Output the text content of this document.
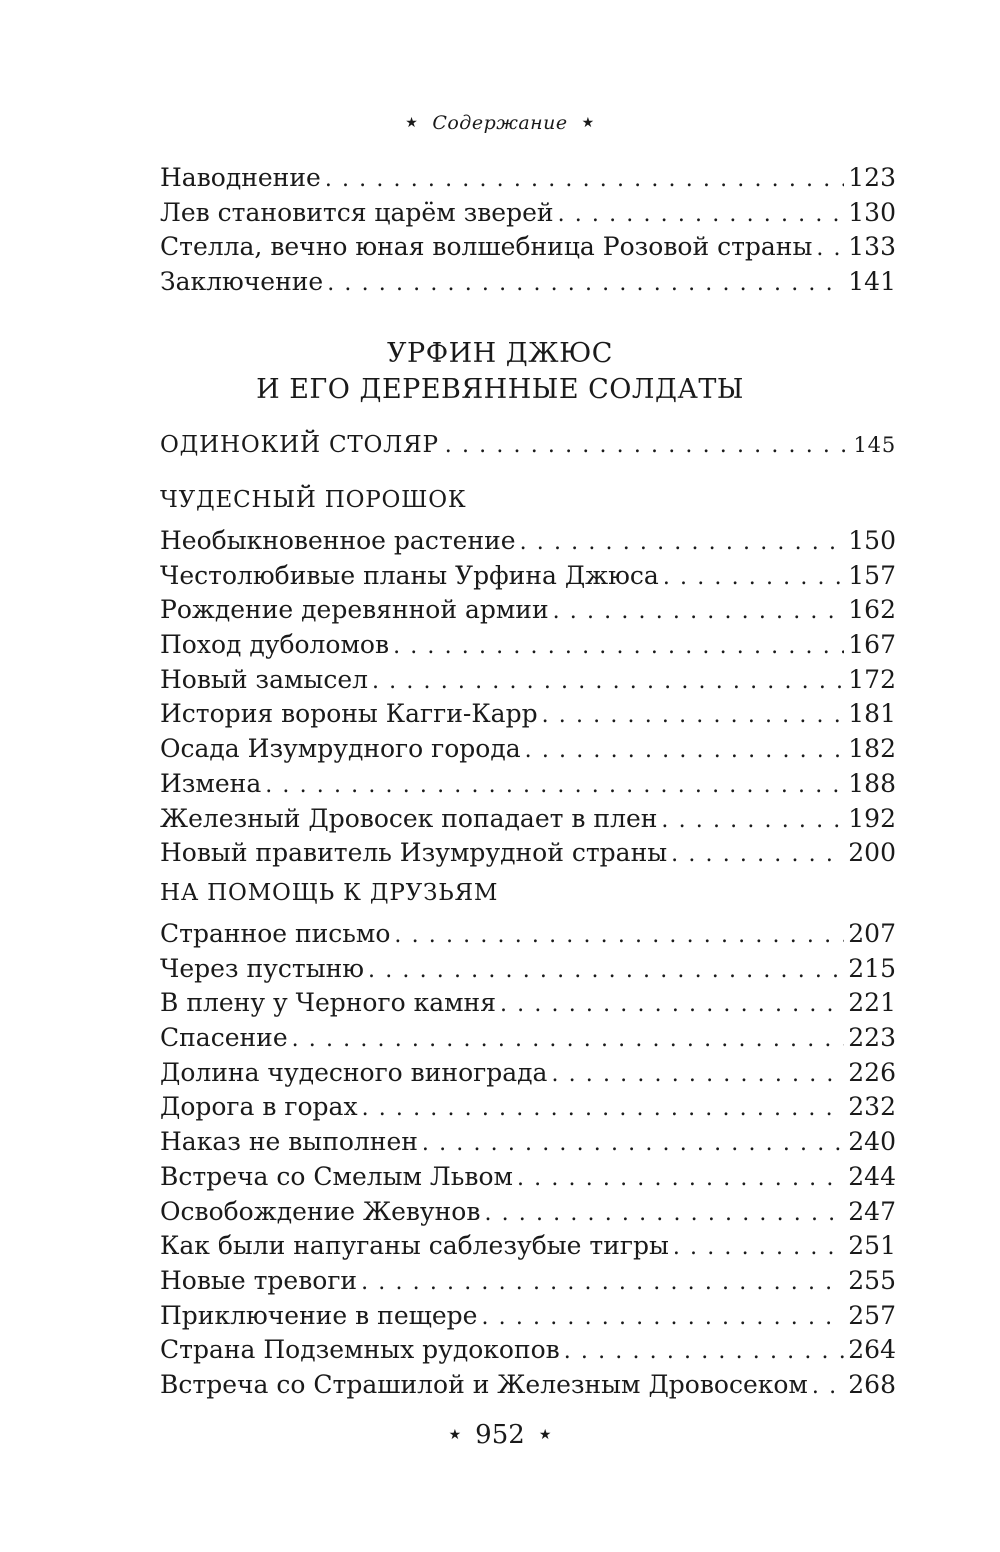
★ Содержание ★
Наводнение . . .	123
Лев становится царём зверей . . .	130
Стелла, вечно юная волшебница Розовой страны . . . 133
Заключение . . .	141
УРФИН ДЖЮС
И ЕГО ДЕРЕВЯННЫЕ СОЛДАТЫ
ОДИНОКИЙ СТОЛЯР . . .	145
ЧУДЕСНЫЙ ПОРОШОК
Необыкновенное растение . . .	150
Честолюбивые планы Урфина Джюса . . .	157
Рождение деревянной армии . . .	162
Поход дуболомов . . .	167
Новый замысел . . .	172
История вороны Кагги-Карр . . .	181
Осада Изумрудного города . . .	182
Измена . . .	188
Железный Дровосек попадает в плен . . .	192
Новый правитель Изумрудной страны . . .	200
НА ПОМОЩЬ К ДРУЗЬЯМ
Странное письмо . . .	207
Через пустыню . . .	215
В плену у Черного камня . . .	221
Спасение . . .	223
Долина чудесного винограда . . .	226
Дорога в горах . . .	232
Наказ не выполнен . . .	240
Встреча со Смелым Львом . . .	244
Освобождение Жевунов . . .	247
Как были напуганы саблезубые тигры . . .	251
Новые тревоги . . .	255
Приключение в пещере . . .	257
Страна Подземных рудокопов . . .	264
Встреча со Страшилой и Железным Дровосеком . . . 268
★ 952 ★
